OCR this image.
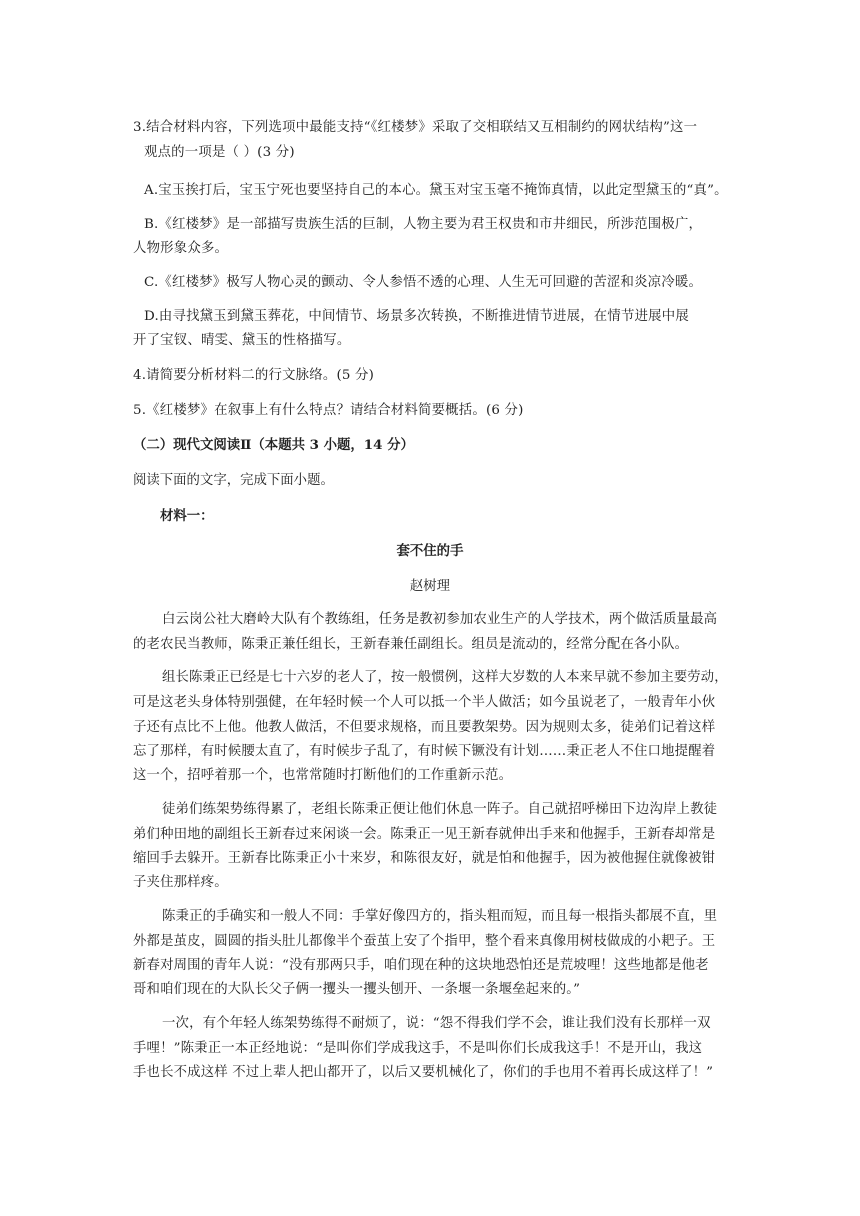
3.结合材料内容，下列选项中最能支持“《红楼梦》采取了交相联结又互相制约的网状结构”这一

观点的一项是（ ）(3 分)

A.宝玉挨打后，宝玉宁死也要坚持自己的本心。黛玉对宝玉毫不掩饰真情，以此定型黛玉的“真”。

B.《红楼梦》是一部描写贵族生活的巨制，人物主要为君王权贵和市井细民，所涉范围极广，

人物形象众多。

C.《红楼梦》极写人物心灵的颤动、令人参悟不透的心理、人生无可回避的苦涩和炎凉冷暖。

D.由寻找黛玉到黛玉葬花，中间情节、场景多次转换，不断推进情节进展，在情节进展中展

开了宝钗、晴雯、黛玉的性格描写。

4.请简要分析材料二的行文脉络。(5 分)

5.《红楼梦》在叙事上有什么特点？请结合材料简要概括。(6 分)

（二）现代文阅读Ⅱ（本题共 3 小题，14 分）

阅读下面的文字，完成下面小题。

材料一：

套不住的手

赵树理

白云岗公社大磨岭大队有个教练组，任务是教初参加农业生产的人学技术，两个做活质量最高

的老农民当教师，陈秉正兼任组长，王新春兼任副组长。组员是流动的，经常分配在各小队。

组长陈秉正已经是七十六岁的老人了，按一般惯例，这样大岁数的人本来早就不参加主要劳动，

可是这老头身体特别强健，在年轻时候一个人可以抵一个半人做活；如今虽说老了，一般青年小伙

子还有点比不上他。他教人做活，不但要求规格，而且要教架势。因为规则太多，徒弟们记着这样

忘了那样，有时候腰太直了，有时候步子乱了，有时候下镢没有计划……秉正老人不住口地提醒着

这一个，招呼着那一个，也常常随时打断他们的工作重新示范。

徒弟们练架势练得累了，老组长陈秉正便让他们休息一阵子。自己就招呼梯田下边沟岸上教徒

弟们种田地的副组长王新春过来闲谈一会。陈秉正一见王新春就伸出手来和他握手，王新春却常是

缩回手去躲开。王新春比陈秉正小十来岁，和陈很友好，就是怕和他握手，因为被他握住就像被钳

子夹住那样疼。

陈秉正的手确实和一般人不同：手掌好像四方的，指头粗而短，而且每一根指头都展不直，里

外都是茧皮，圆圆的指头肚儿都像半个蚕茧上安了个指甲，整个看来真像用树枝做成的小耙子。王

新春对周围的青年人说：“没有那两只手，咱们现在种的这块地恐怕还是荒坡哩！这些地都是他老

哥和咱们现在的大队长父子俩一攫头一攫头刨开、一条堰一条堰垒起来的。”

一次，有个年轻人练架势练得不耐烦了，说：“怨不得我们学不会，谁让我们没有长那样一双

手哩！”陈秉正一本正经地说：“是叫你们学成我这手，不是叫你们长成我这手！不是开山，我这

手也长不成这样 不过上辈人把山都开了，以后又要机械化了，你们的手也用不着再长成这样了！”
